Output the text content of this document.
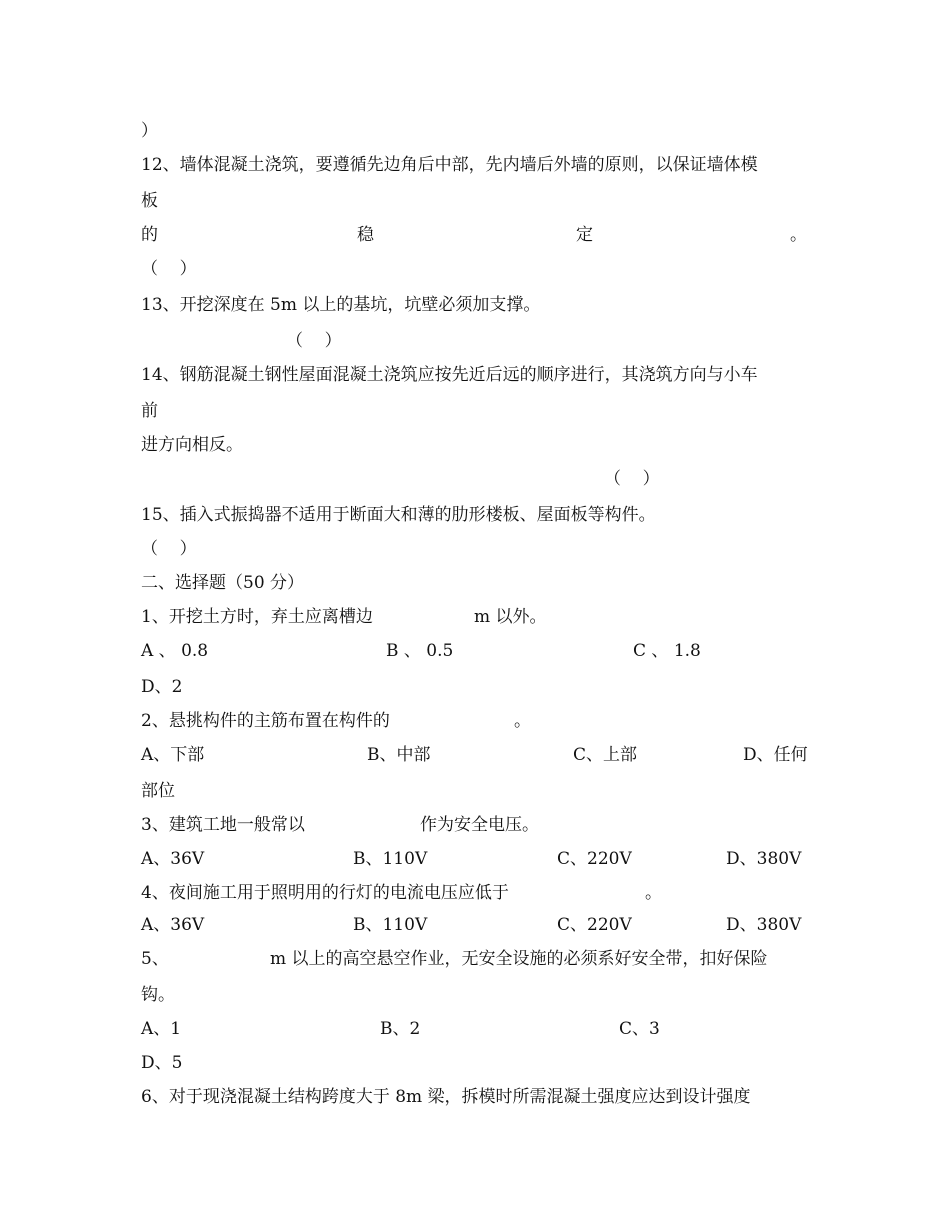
）
12、墙体混凝土浇筑，要遵循先边角后中部，先内墙后外墙的原则，以保证墙体模
板
的	稳	定	。
（    ）
13、开挖深度在 5m 以上的基坑，坑壁必须加支撑。
（    ）
14、钢筋混凝土钢性屋面混凝土浇筑应按先近后远的顺序进行，其浇筑方向与小车
前
进方向相反。
（    ）
15、插入式振捣器不适用于断面大和薄的肋形楼板、屋面板等构件。
（    ）
二、选择题（50 分）
1、开挖土方时，弃土应离槽边	m 以外。
A 、 0.8	B 、 0.5	C 、 1.8
D、2
2、悬挑构件的主筋布置在构件的	。
A、下部	B、中部	C、上部	D、任何
部位
3、建筑工地一般常以	作为安全电压。
A、36V	B、110V	C、220V	D、380V
4、夜间施工用于照明用的行灯的电流电压应低于	。
A、36V	B、110V	C、220V	D、380V
5、	m 以上的高空悬空作业，无安全设施的必须系好安全带，扣好保险
钩。
A、1	B、2	C、3
D、5
6、对于现浇混凝土结构跨度大于 8m 梁，拆模时所需混凝土强度应达到设计强度
